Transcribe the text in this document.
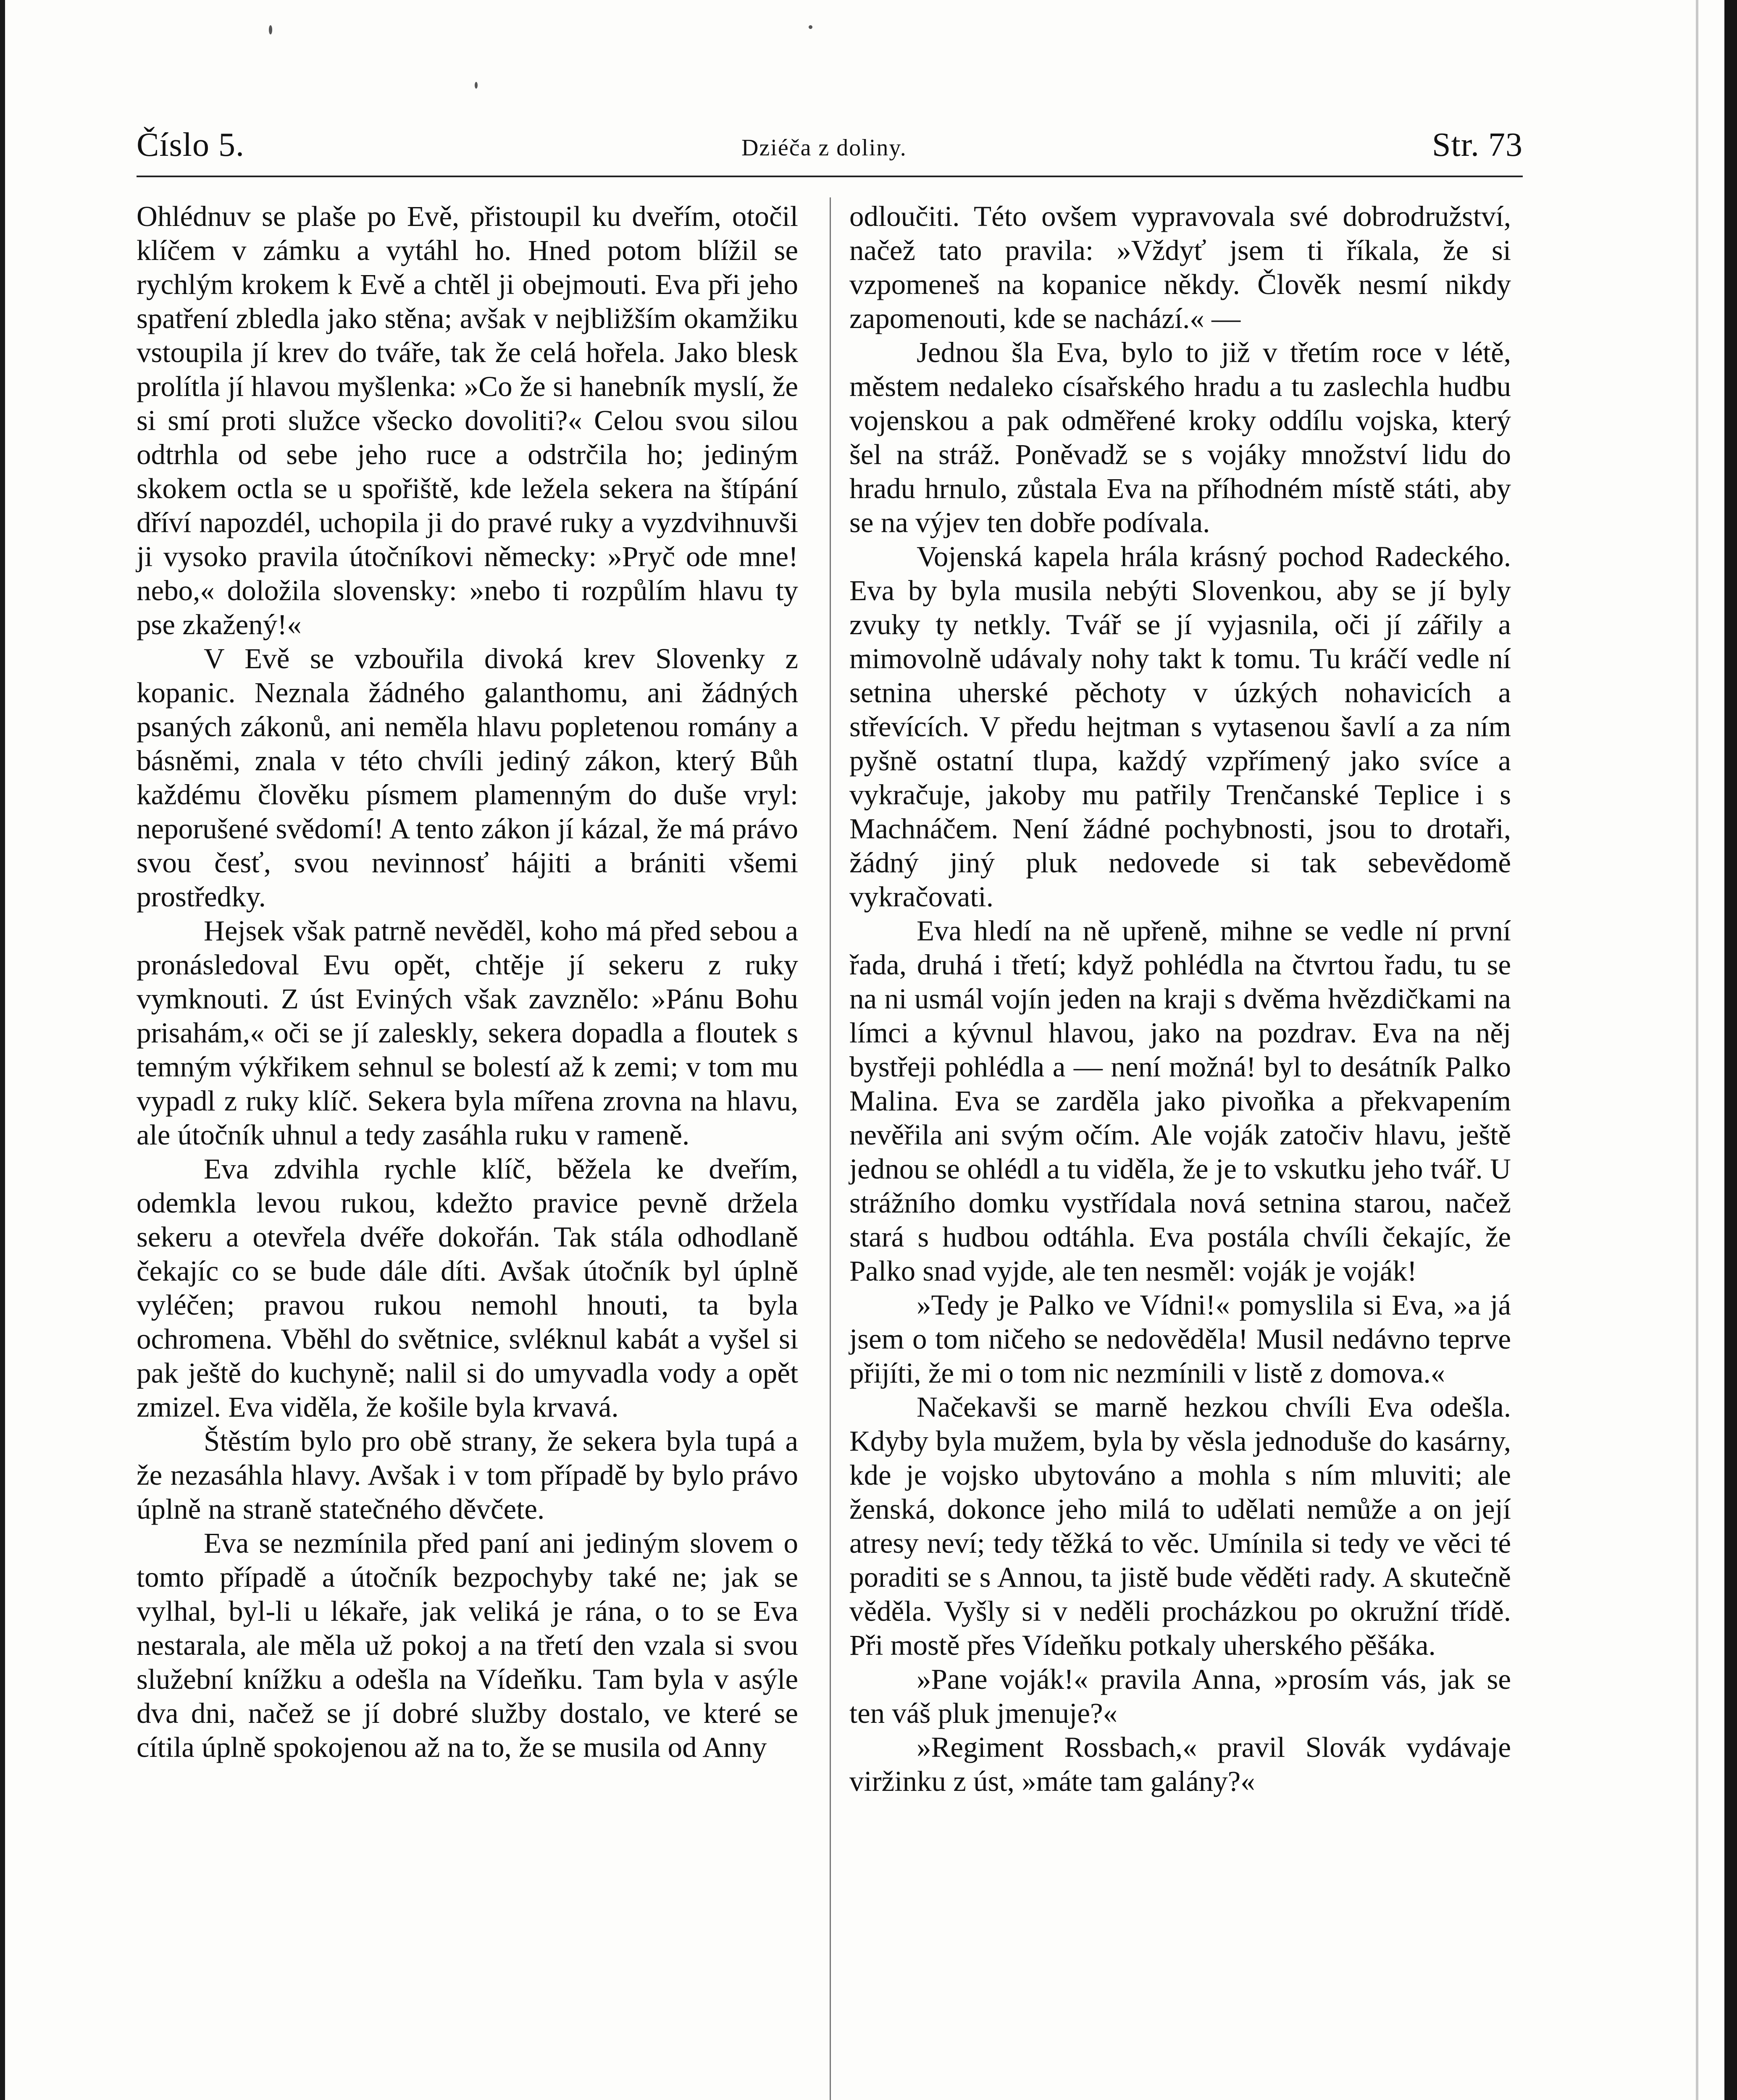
Číslo 5.	Dziéča z doliny.	Str. 73

Ohlédnuv se plaše po Evě, přistoupil ku dveřím, otočil klíčem v zámku a vytáhl ho. Hned potom blížil se rychlým krokem k Evě a chtěl ji obejmouti. Eva při jeho spatření zbledla jako stěna; avšak v nejbližším okamžiku vstoupila jí krev do tváře, tak že celá hořela. Jako blesk prolítla jí hlavou myšlenka: »Co že si hanebník myslí, že si smí proti služce všecko dovoliti?« Celou svou silou odtrhla od sebe jeho ruce a odstrčila ho; jediným skokem octla se u spořiště, kde ležela sekera na štípání dříví napozdél, uchopila ji do pravé ruky a vyzdvihnuvši ji vysoko pravila útočníkovi německy: »Pryč ode mne! nebo,« doložila slovensky: »nebo ti rozpůlím hlavu ty pse zkažený!«

V Evě se vzbouřila divoká krev Slovenky z kopanic. Neznala žádného galanthomu, ani žádných psaných zákonů, ani neměla hlavu popletenou romány a básněmi, znala v této chvíli jediný zákon, který Bůh každému člověku písmem plamenným do duše vryl: neporušené svědomí! A tento zákon jí kázal, že má právo svou česť, svou nevinnosť hájiti a brániti všemi prostředky.

Hejsek však patrně nevěděl, koho má před sebou a pronásledoval Evu opět, chtěje jí sekeru z ruky vymknouti. Z úst Eviných však zavznělo: »Pánu Bohu prisahám,« oči se jí zaleskly, sekera dopadla a floutek s temným výkřikem sehnul se bolestí až k zemi; v tom mu vypadl z ruky klíč. Sekera byla mířena zrovna na hlavu, ale útočník uhnul a tedy zasáhla ruku v rameně.

Eva zdvihla rychle klíč, běžela ke dveřím, odemkla levou rukou, kdežto pravice pevně držela sekeru a otevřela dvéře dokořán. Tak stála odhodlaně čekajíc co se bude dále díti. Avšak útočník byl úplně vyléčen; pravou rukou nemohl hnouti, ta byla ochromena. Vběhl do světnice, svléknul kabát a vyšel si pak ještě do kuchyně; nalil si do umyvadla vody a opět zmizel. Eva viděla, že košile byla krvavá.

Štěstím bylo pro obě strany, že sekera byla tupá a že nezasáhla hlavy. Avšak i v tom případě by bylo právo úplně na straně statečného děvčete.

Eva se nezmínila před paní ani jediným slovem o tomto případě a útočník bezpochyby také ne; jak se vylhal, byl-li u lékaře, jak veliká je rána, o to se Eva nestarala, ale měla už pokoj a na třetí den vzala si svou služební knížku a odešla na Vídeňku. Tam byla v asýle dva dni, načež se jí dobré služby dostalo, ve které se cítila úplně spokojenou až na to, že se musila od Anny

odloučiti. Této ovšem vypravovala své dobrodružství, načež tato pravila: »Vždyť jsem ti říkala, že si vzpomeneš na kopanice někdy. Člověk nesmí nikdy zapomenouti, kde se nachází.« —

Jednou šla Eva, bylo to již v třetím roce v létě, městem nedaleko císařského hradu a tu zaslechla hudbu vojenskou a pak odměřené kroky oddílu vojska, který šel na stráž. Poněvadž se s vojáky množství lidu do hradu hrnulo, zůstala Eva na příhodném místě státi, aby se na výjev ten dobře podívala.

Vojenská kapela hrála krásný pochod Radeckého. Eva by byla musila nebýti Slovenkou, aby se jí byly zvuky ty netkly. Tvář se jí vyjasnila, oči jí zářily a mimovolně udávaly nohy takt k tomu. Tu kráčí vedle ní setnina uherské pěchoty v úzkých nohavicích a střevících. V předu hejtman s vytasenou šavlí a za ním pyšně ostatní tlupa, každý vzpřímený jako svíce a vykračuje, jakoby mu patřily Trenčanské Teplice i s Machnáčem. Není žádné pochybnosti, jsou to drotaři, žádný jiný pluk nedovede si tak sebevědomě vykračovati.

Eva hledí na ně upřeně, mihne se vedle ní první řada, druhá i třetí; když pohlédla na čtvrtou řadu, tu se na ni usmál vojín jeden na kraji s dvěma hvězdičkami na límci a kývnul hlavou, jako na pozdrav. Eva na něj bystřeji pohlédla a — není možná! byl to desátník Palko Malina. Eva se zarděla jako pivoňka a překvapením nevěřila ani svým očím. Ale voják zatočiv hlavu, ještě jednou se ohlédl a tu viděla, že je to vskutku jeho tvář. U strážního domku vystřídala nová setnina starou, načež stará s hudbou odtáhla. Eva postála chvíli čekajíc, že Palko snad vyjde, ale ten nesměl: voják je voják!

»Tedy je Palko ve Vídni!« pomyslila si Eva, »a já jsem o tom ničeho se nedověděla! Musil nedávno teprve přijíti, že mi o tom nic nezmínili v listě z domova.«

Načekavši se marně hezkou chvíli Eva odešla. Kdyby byla mužem, byla by věsla jednoduše do kasárny, kde je vojsko ubytováno a mohla s ním mluviti; ale ženská, dokonce jeho milá to udělati nemůže a on její atresy neví; tedy těžká to věc. Umínila si tedy ve věci té poraditi se s Annou, ta jistě bude věděti rady. A skutečně věděla. Vyšly si v neděli procházkou po okružní třídě. Při mostě přes Vídeňku potkaly uherského pěšáka.

»Pane voják!« pravila Anna, »prosím vás, jak se ten váš pluk jmenuje?«

»Regiment Rossbach,« pravil Slovák vydávaje viržinku z úst, »máte tam galány?«
